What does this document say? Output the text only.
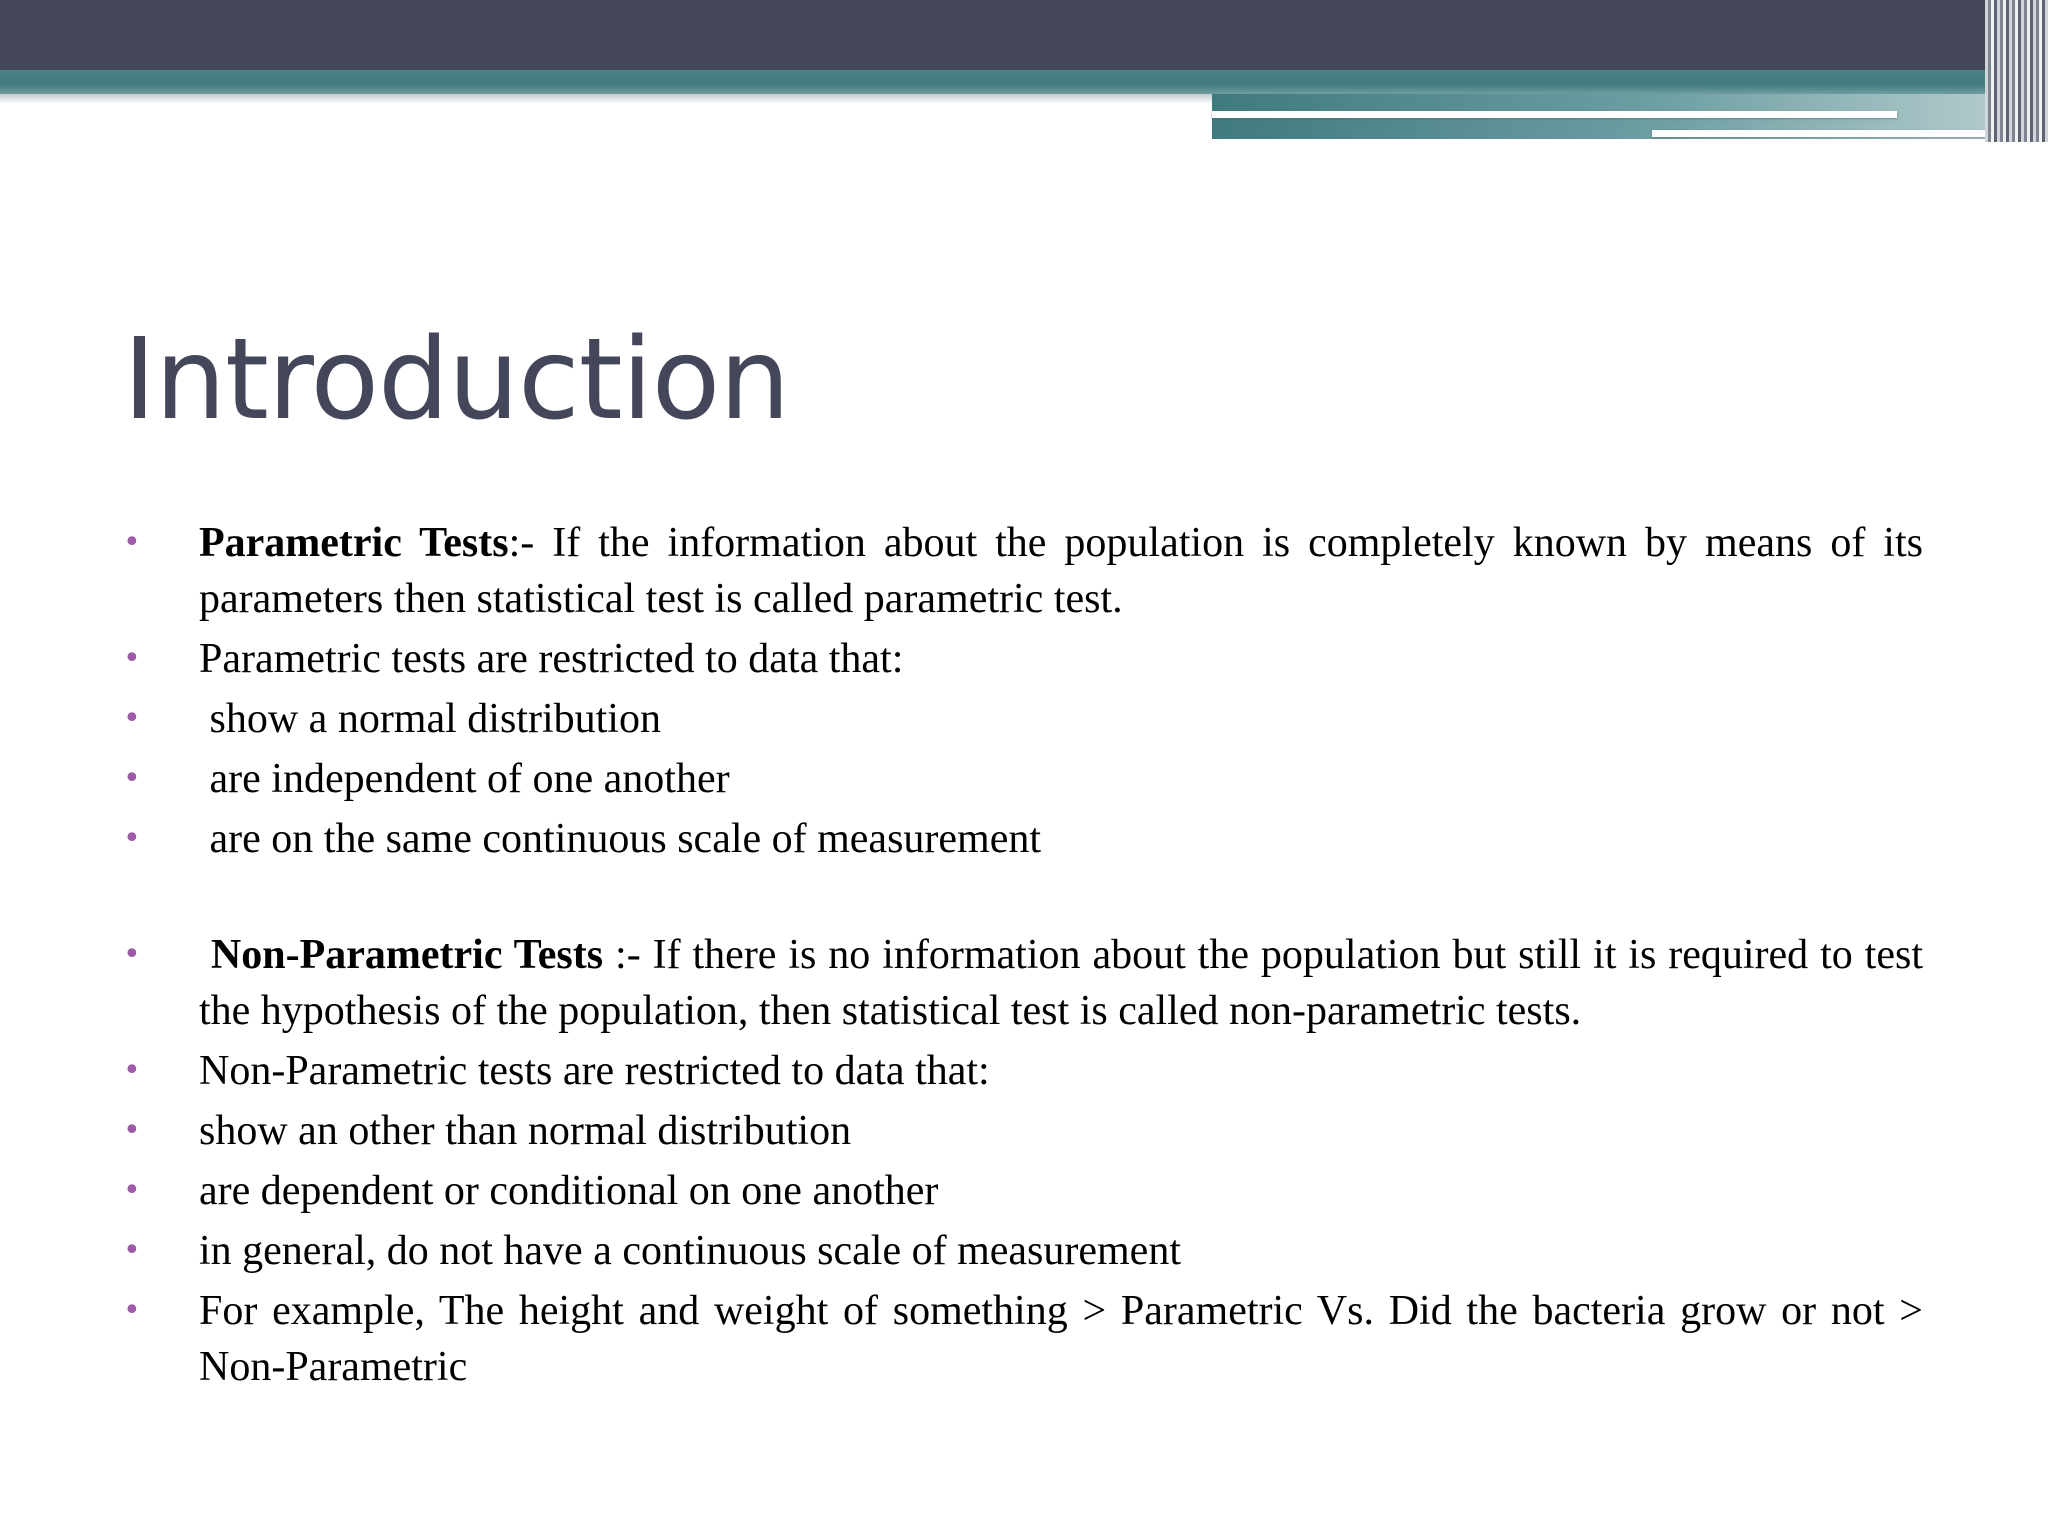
Introduction
• Parametric Tests:- If the information about the population is completely known by means of its parameters then statistical test is called parametric test.
• Parametric tests are restricted to data that:
• show a normal distribution
• are independent of one another
• are on the same continuous scale of measurement
• Non-Parametric Tests :- If there is no information about the population but still it is required to test the hypothesis of the population, then statistical test is called non-parametric tests.
• Non-Parametric tests are restricted to data that:
• show an other than normal distribution
• are dependent or conditional on one another
• in general, do not have a continuous scale of measurement
• For example, The height and weight of something > Parametric Vs. Did the bacteria grow or not > Non-Parametric
